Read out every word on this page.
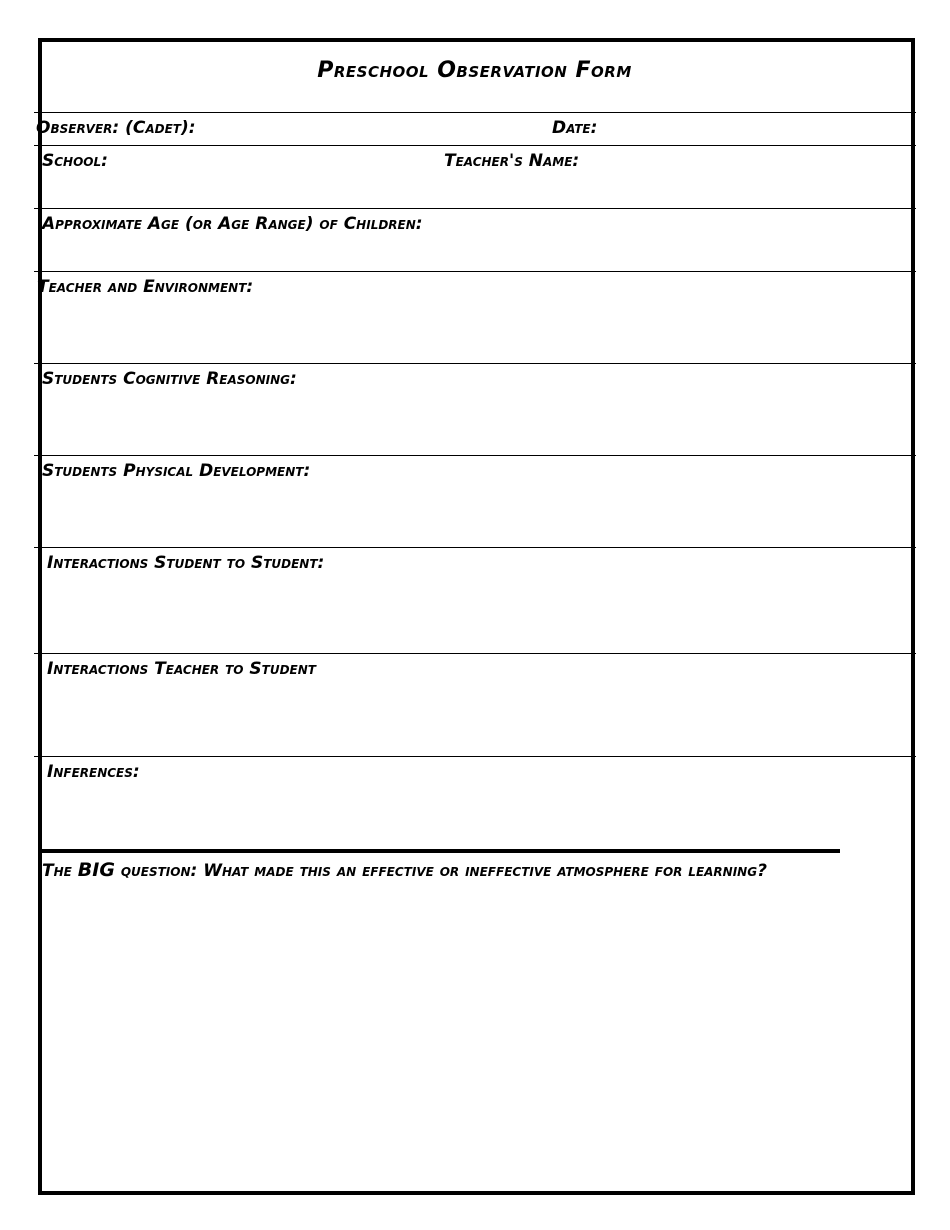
Preschool Observation Form
Observer: (Cadet):	Date:
School:	Teacher's Name:
Approximate Age (or Age Range) of Children:
Teacher and Environment:
Students Cognitive Reasoning:
Students Physical Development:
Interactions Student to Student:
Interactions Teacher to Student
Inferences:
The BIG question: What made this an effective or ineffective atmosphere for learning?
